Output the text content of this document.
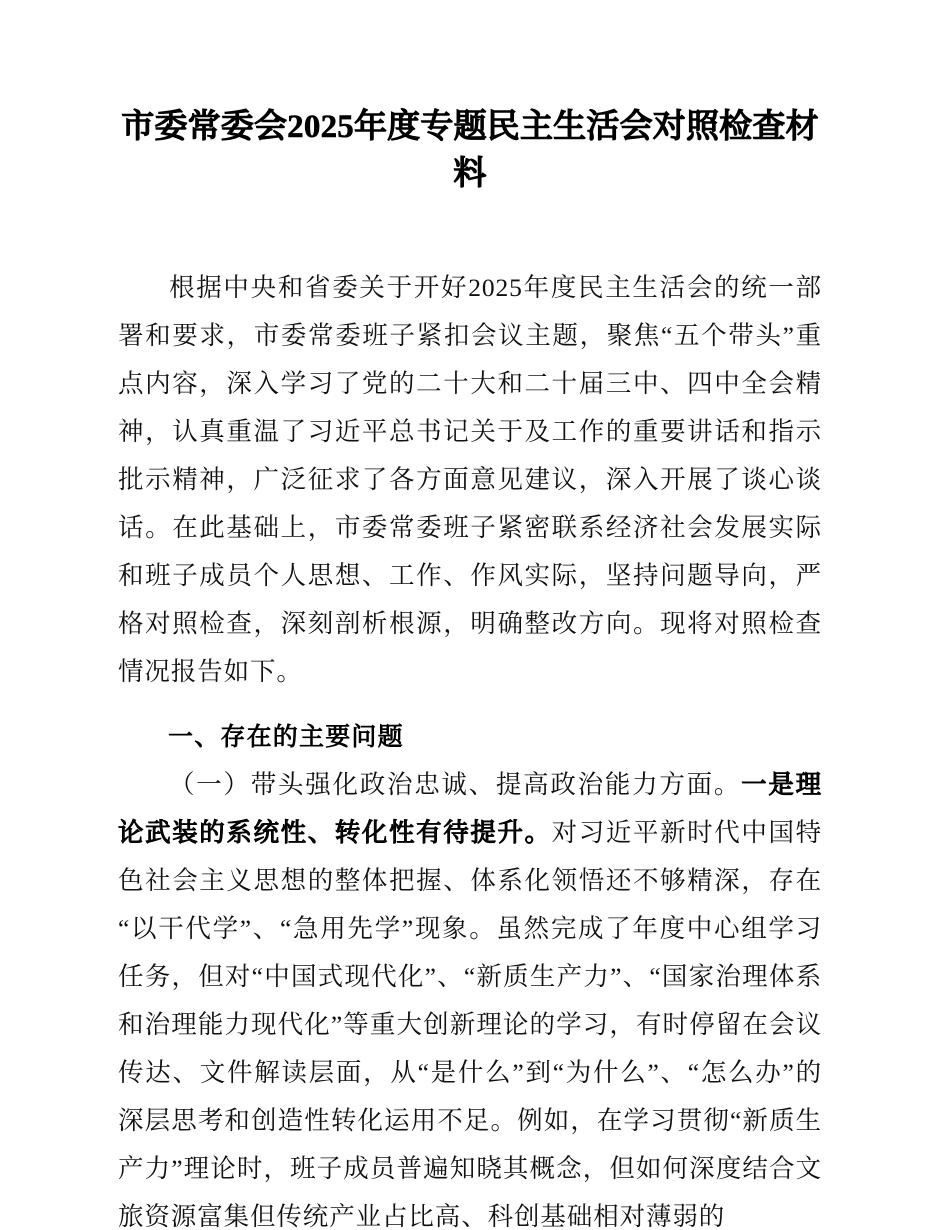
市委常委会2025年度专题民主生活会对照检查材料

根据中央和省委关于开好2025年度民主生活会的统一部署和要求，市委常委班子紧扣会议主题，聚焦“五个带头”重点内容，深入学习了党的二十大和二十届三中、四中全会精神，认真重温了习近平总书记关于及工作的重要讲话和指示批示精神，广泛征求了各方面意见建议，深入开展了谈心谈话。在此基础上，市委常委班子紧密联系经济社会发展实际和班子成员个人思想、工作、作风实际，坚持问题导向，严格对照检查，深刻剖析根源，明确整改方向。现将对照检查情况报告如下。

一、存在的主要问题

（一）带头强化政治忠诚、提高政治能力方面。一是理论武装的系统性、转化性有待提升。对习近平新时代中国特色社会主义思想的整体把握、体系化领悟还不够精深，存在“以干代学”、“急用先学”现象。虽然完成了年度中心组学习任务，但对“中国式现代化”、“新质生产力”、“国家治理体系和治理能力现代化”等重大创新理论的学习，有时停留在会议传达、文件解读层面，从“是什么”到“为什么”、“怎么办”的深层思考和创造性转化运用不足。例如，在学习贯彻“新质生产力”理论时，班子成员普遍知晓其概念，但如何深度结合文旅资源富集但传统产业占比高、科创基础相对薄弱的
